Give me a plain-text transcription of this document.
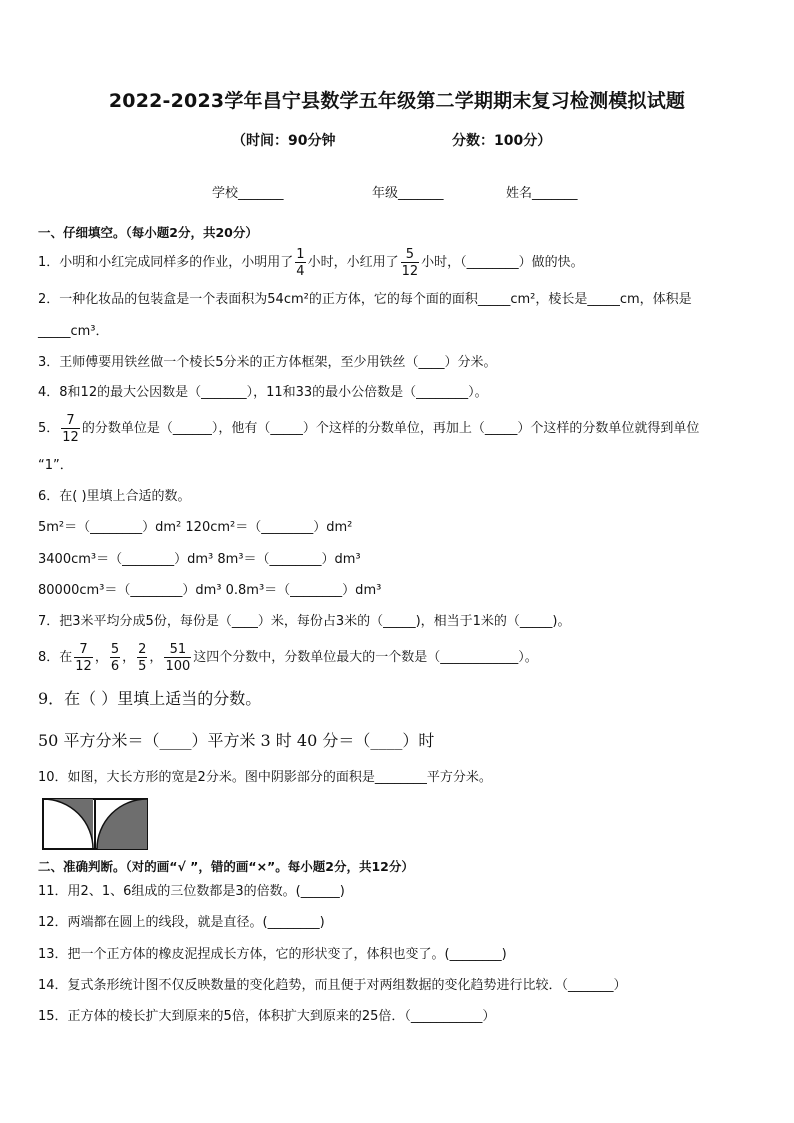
2022-2023学年昌宁县数学五年级第二学期期末复习检测模拟试题
（时间：90分钟	分数：100分）
学校_______	年级_______	姓名_______
一、仔细填空。（每小题2分，共20分）
1．小明和小红完成同样多的作业，小明用了 $\frac{1}{4}$ 小时，小红用了 $\frac{5}{12}$ 小时，（________）做的快。
2．一种化妆品的包装盒是一个表面积为54cm²的正方体，它的每个面的面积_____cm²，棱长是_____cm，体积是
_____cm³．
3．王师傅要用铁丝做一个棱长5分米的正方体框架，至少用铁丝（____）分米。
4．8和12的最大公因数是（_______），11和33的最小公倍数是（________）。
5． $\frac{7}{12}$ 的分数单位是（______），他有（_____）个这样的分数单位，再加上（_____）个这样的分数单位就得到单位
“1”．
6．在( )里填上合适的数。
5m²＝（________）dm² 120cm²＝（________）dm²
3400cm³＝（________）dm³ 8m³＝（________）dm³
80000cm³＝（________）dm³ 0.8m³＝（________）dm³
7．把3米平均分成5份，每份是（____）米，每份占3米的（_____)，相当于1米的（_____)。
8．在 $\frac{7}{12}$ ， $\frac{5}{6}$ ， $\frac{2}{5}$ ， $\frac{51}{100}$ 这四个分数中，分数单位最大的一个数是（____________）。
9．在（ ）里填上适当的分数。
50 平方分米＝（____）平方米 3 时 40 分＝（____）时
10．如图，大长方形的宽是2分米。图中阴影部分的面积是________平方分米。
二、准确判断。（对的画“√ ”，错的画“×”。每小题2分，共12分）
11．用2、1、6组成的三位数都是3的倍数。(______)
12．两端都在圆上的线段，就是直径。(________)
13．把一个正方体的橡皮泥捏成长方体，它的形状变了，体积也变了。(________)
14．复式条形统计图不仅反映数量的变化趋势，而且便于对两组数据的变化趋势进行比较．（_______）
15．正方体的棱长扩大到原来的5倍，体积扩大到原来的25倍．（___________）
